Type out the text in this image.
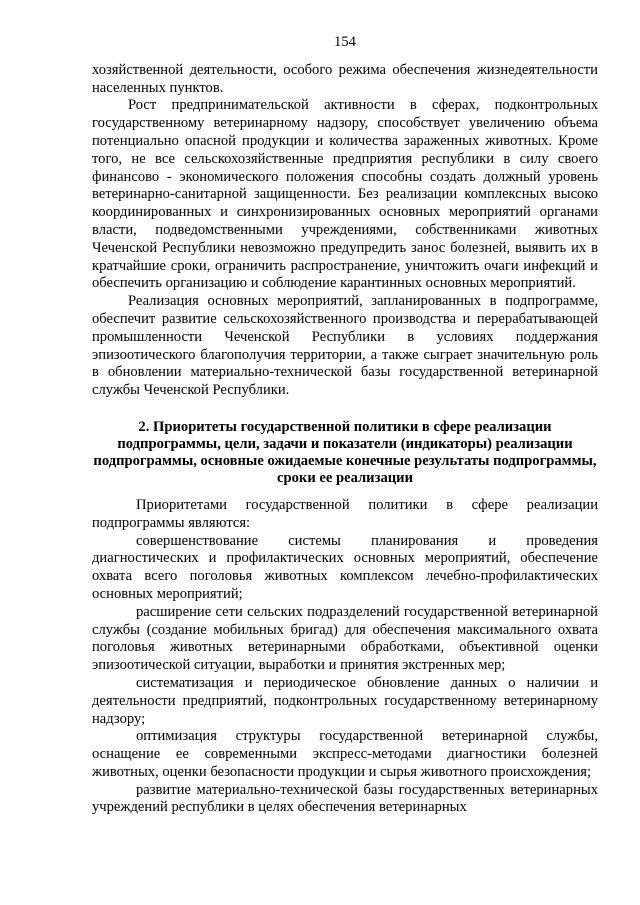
154

хозяйственной деятельности, особого режима обеспечения жизнедеятельности населенных пунктов.

Рост предпринимательской активности в сферах, подконтрольных государственному ветеринарному надзору, способствует увеличению объема потенциально опасной продукции и количества зараженных животных. Кроме того, не все сельскохозяйственные предприятия республики в силу своего финансово - экономического положения способны создать должный уровень ветеринарно-санитарной защищенности. Без реализации комплексных высоко координированных и синхронизированных основных мероприятий органами власти, подведомственными учреждениями, собственниками животных Чеченской Республики невозможно предупредить занос болезней, выявить их в кратчайшие сроки, ограничить распространение, уничтожить очаги инфекций и обеспечить организацию и соблюдение карантинных основных мероприятий.

Реализация основных мероприятий, запланированных в подпрограмме, обеспечит развитие сельскохозяйственного производства и перерабатывающей промышленности Чеченской Республики в условиях поддержания эпизоотического благополучия территории, а также сыграет значительную роль в обновлении материально-технической базы государственной ветеринарной службы Чеченской Республики.

2. Приоритеты государственной политики в сфере реализации подпрограммы, цели, задачи и показатели (индикаторы) реализации подпрограммы, основные ожидаемые конечные результаты подпрограммы, сроки ее реализации

Приоритетами государственной политики в сфере реализации подпрограммы являются:

совершенствование системы планирования и проведения диагностических и профилактических основных мероприятий, обеспечение охвата всего поголовья животных комплексом лечебно-профилактических основных мероприятий;

расширение сети сельских подразделений государственной ветеринарной службы (создание мобильных бригад) для обеспечения максимального охвата поголовья животных ветеринарными обработками, объективной оценки эпизоотической ситуации, выработки и принятия экстренных мер;

систематизация и периодическое обновление данных о наличии и деятельности предприятий, подконтрольных государственному ветеринарному надзору;

оптимизация структуры государственной ветеринарной службы, оснащение ее современными экспресс-методами диагностики болезней животных, оценки безопасности продукции и сырья животного происхождения;

развитие материально-технической базы государственных ветеринарных учреждений республики в целях обеспечения ветеринарных
